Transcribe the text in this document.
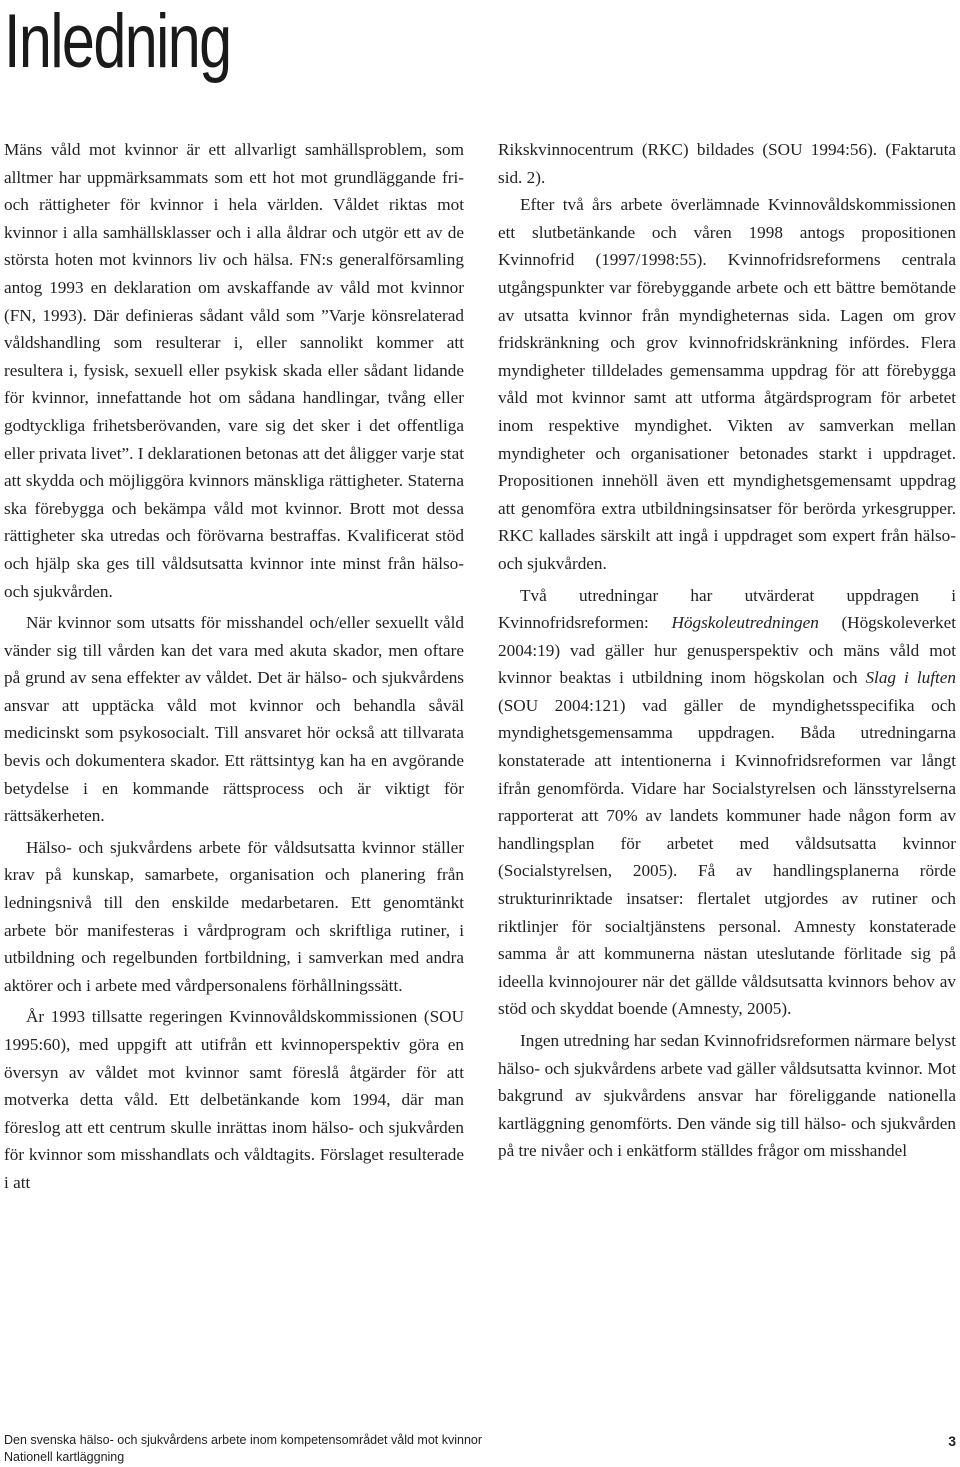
Inledning

Mäns våld mot kvinnor är ett allvarligt samhällsproblem, som alltmer har uppmärksammats som ett hot mot grundläggande fri- och rättigheter för kvinnor i hela världen. Våldet riktas mot kvinnor i alla samhällsklasser och i alla åldrar och utgör ett av de största hoten mot kvinnors liv och hälsa. FN:s generalförsamling antog 1993 en deklaration om avskaffande av våld mot kvinnor (FN, 1993). Där definieras sådant våld som ”Varje könsrelaterad våldshandling som resulterar i, eller sannolikt kommer att resultera i, fysisk, sexuell eller psykisk skada eller sådant lidande för kvinnor, innefattande hot om sådana handlingar, tvång eller godtyckliga frihetsberövanden, vare sig det sker i det offentliga eller privata livet”. I deklarationen betonas att det åligger varje stat att skydda och möjliggöra kvinnors mänskliga rättigheter. Staterna ska förebygga och bekämpa våld mot kvinnor. Brott mot dessa rättigheter ska utredas och förövarna bestraffas. Kvalificerat stöd och hjälp ska ges till våldsutsatta kvinnor inte minst från hälso- och sjukvården.

När kvinnor som utsatts för misshandel och/eller sexuellt våld vänder sig till vården kan det vara med akuta skador, men oftare på grund av sena effekter av våldet. Det är hälso- och sjukvårdens ansvar att upptäcka våld mot kvinnor och behandla såväl medicinskt som psykosocialt. Till ansvaret hör också att tillvarata bevis och dokumentera skador. Ett rättsintyg kan ha en avgörande betydelse i en kommande rättsprocess och är viktigt för rättsäkerheten.

Hälso- och sjukvårdens arbete för våldsutsatta kvinnor ställer krav på kunskap, samarbete, organisation och planering från ledningsnivå till den enskilde medarbetaren. Ett genomtänkt arbete bör manifesteras i vårdprogram och skriftliga rutiner, i utbildning och regelbunden fortbildning, i samverkan med andra aktörer och i arbete med vårdpersonalens förhållningssätt.

År 1993 tillsatte regeringen Kvinnovåldskommissionen (SOU 1995:60), med uppgift att utifrån ett kvinnoperspektiv göra en översyn av våldet mot kvinnor samt föreslå åtgärder för att motverka detta våld. Ett delbetänkande kom 1994, där man föreslog att ett centrum skulle inrättas inom hälso- och sjukvården för kvinnor som misshandlats och våldtagits. Förslaget resulterade i att

Rikskvinnocentrum (RKC) bildades (SOU 1994:56). (Faktaruta sid. 2).

Efter två års arbete överlämnade Kvinnovåldskommissionen ett slutbetänkande och våren 1998 antogs propositionen Kvinnofrid (1997/1998:55). Kvinnofridsreformens centrala utgångspunkter var förebyggande arbete och ett bättre bemötande av utsatta kvinnor från myndigheternas sida. Lagen om grov fridskränkning och grov kvinnofridskränkning infördes. Flera myndigheter tilldelades gemensamma uppdrag för att förebygga våld mot kvinnor samt att utforma åtgärdsprogram för arbetet inom respektive myndighet. Vikten av samverkan mellan myndigheter och organisationer betonades starkt i uppdraget. Propositionen innehöll även ett myndighetsgemensamt uppdrag att genomföra extra utbildningsinsatser för berörda yrkesgrupper. RKC kallades särskilt att ingå i uppdraget som expert från hälso- och sjukvården.

Två utredningar har utvärderat uppdragen i Kvinnofridsreformen: Högskoleutredningen (Högskoleverket 2004:19) vad gäller hur genusperspektiv och mäns våld mot kvinnor beaktas i utbildning inom högskolan och Slag i luften (SOU 2004:121) vad gäller de myndighetsspecifika och myndighetsgemensamma uppdragen. Båda utredningarna konstaterade att intentionerna i Kvinnofridsreformen var långt ifrån genomförda. Vidare har Socialstyrelsen och länsstyrelserna rapporterat att 70% av landets kommuner hade någon form av handlingsplan för arbetet med våldsutsatta kvinnor (Socialstyrelsen, 2005). Få av handlingsplanerna rörde strukturinriktade insatser: flertalet utgjordes av rutiner och riktlinjer för socialtjänstens personal. Amnesty konstaterade samma år att kommunerna nästan uteslutande förlitade sig på ideella kvinnojourer när det gällde våldsutsatta kvinnors behov av stöd och skyddat boende (Amnesty, 2005).

Ingen utredning har sedan Kvinnofridsreformen närmare belyst hälso- och sjukvårdens arbete vad gäller våldsutsatta kvinnor. Mot bakgrund av sjukvårdens ansvar har föreliggande nationella kartläggning genomförts. Den vände sig till hälso- och sjukvården på tre nivåer och i enkätform ställdes frågor om misshandel

Den svenska hälso- och sjukvårdens arbete inom kompetensområdet våld mot kvinnor
Nationell kartläggning
3
